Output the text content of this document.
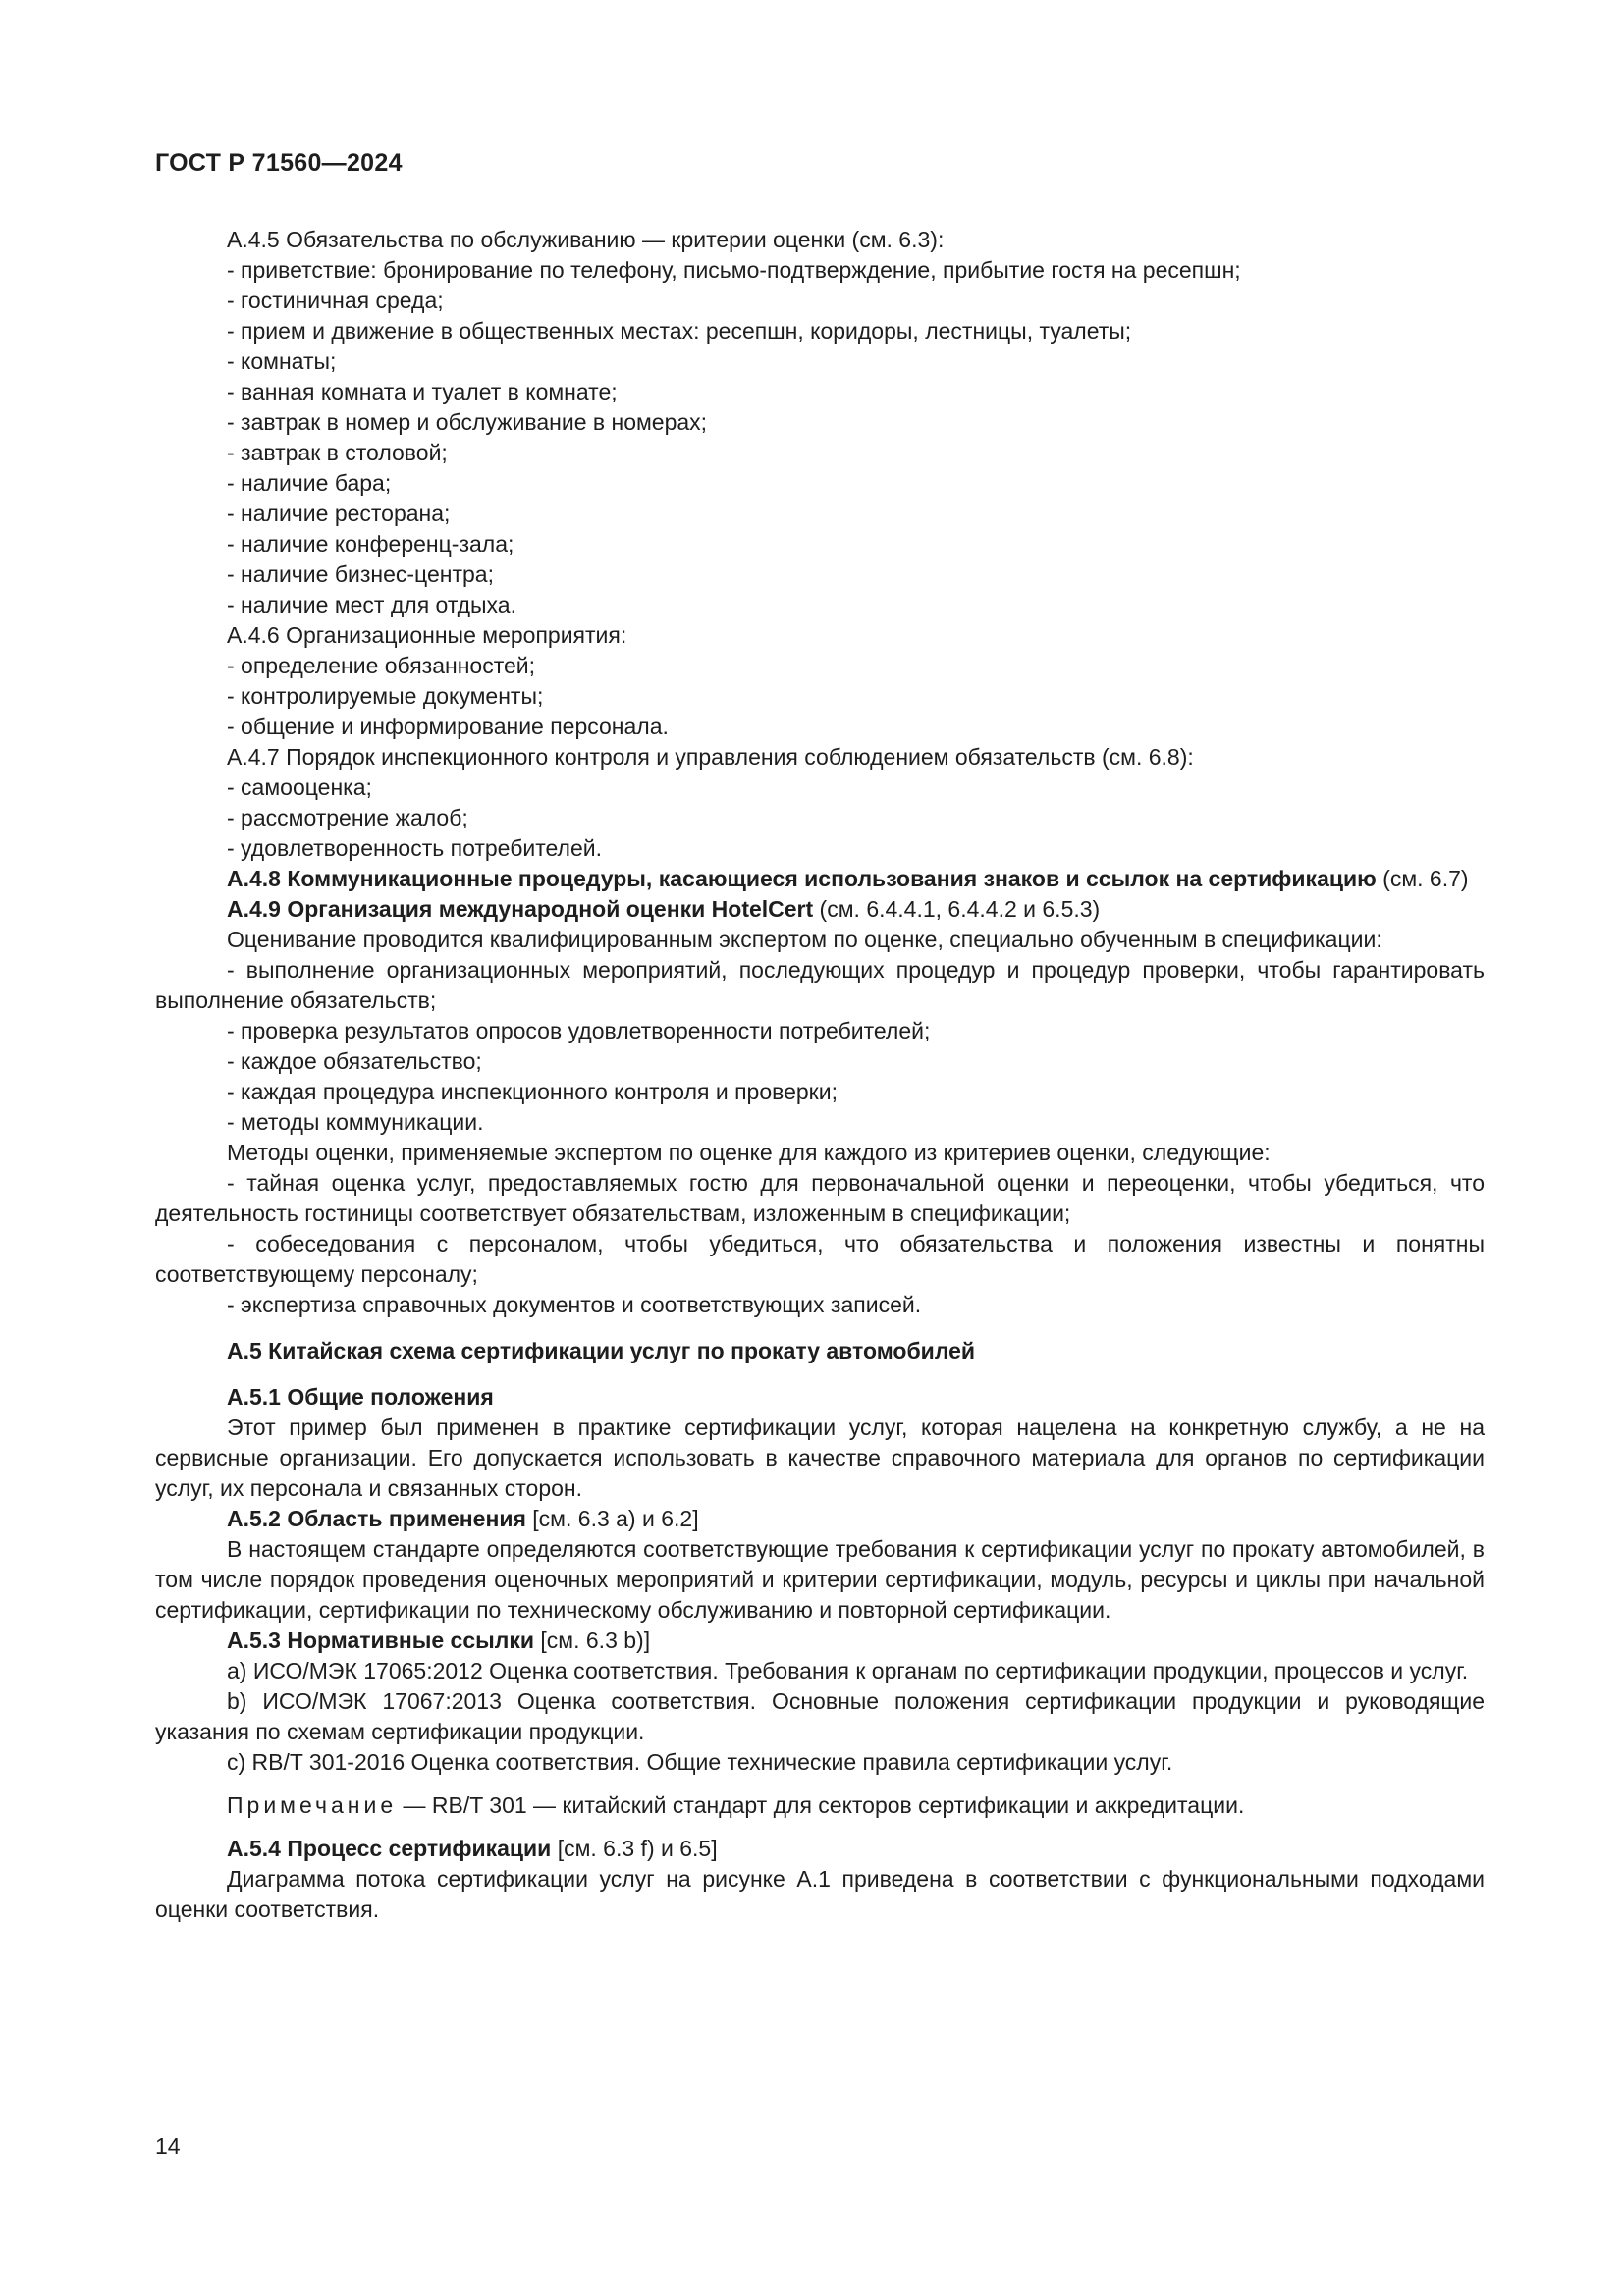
ГОСТ Р 71560—2024

А.4.5 Обязательства по обслуживанию — критерии оценки (см. 6.3):

- приветствие: бронирование по телефону, письмо-подтверждение, прибытие гостя на ресепшн;

- гостиничная среда;

- прием и движение в общественных местах: ресепшн, коридоры, лестницы, туалеты;

- комнаты;

- ванная комната и туалет в комнате;

- завтрак в номер и обслуживание в номерах;

- завтрак в столовой;

- наличие бара;

- наличие ресторана;

- наличие конференц-зала;

- наличие бизнес-центра;

- наличие мест для отдыха.

А.4.6 Организационные мероприятия:

- определение обязанностей;

- контролируемые документы;

- общение и информирование персонала.

А.4.7 Порядок инспекционного контроля и управления соблюдением обязательств (см. 6.8):

- самооценка;

- рассмотрение жалоб;

- удовлетворенность потребителей.

А.4.8 Коммуникационные процедуры, касающиеся использования знаков и ссылок на сертификацию (см. 6.7)

А.4.9 Организация международной оценки HotelCert (см. 6.4.4.1, 6.4.4.2 и 6.5.3)

Оценивание проводится квалифицированным экспертом по оценке, специально обученным в спецификации:

- выполнение организационных мероприятий, последующих процедур и процедур проверки, чтобы гарантировать выполнение обязательств;

- проверка результатов опросов удовлетворенности потребителей;

- каждое обязательство;

- каждая процедура инспекционного контроля и проверки;

- методы коммуникации.

Методы оценки, применяемые экспертом по оценке для каждого из критериев оценки, следующие:

- тайная оценка услуг, предоставляемых гостю для первоначальной оценки и переоценки, чтобы убедиться, что деятельность гостиницы соответствует обязательствам, изложенным в спецификации;

- собеседования с персоналом, чтобы убедиться, что обязательства и положения известны и понятны соответствующему персоналу;

- экспертиза справочных документов и соответствующих записей.

А.5 Китайская схема сертификации услуг по прокату автомобилей

А.5.1 Общие положения

Этот пример был применен в практике сертификации услуг, которая нацелена на конкретную службу, а не на сервисные организации. Его допускается использовать в качестве справочного материала для органов по сертификации услуг, их персонала и связанных сторон.

А.5.2 Область применения [см. 6.3 а) и 6.2]

В настоящем стандарте определяются соответствующие требования к сертификации услуг по прокату автомобилей, в том числе порядок проведения оценочных мероприятий и критерии сертификации, модуль, ресурсы и циклы при начальной сертификации, сертификации по техническому обслуживанию и повторной сертификации.

А.5.3 Нормативные ссылки [см. 6.3 b)]

а) ИСО/МЭК 17065:2012 Оценка соответствия. Требования к органам по сертификации продукции, процессов и услуг.

b) ИСО/МЭК 17067:2013 Оценка соответствия. Основные положения сертификации продукции и руководящие указания по схемам сертификации продукции.

с) RB/T 301-2016 Оценка соответствия. Общие технические правила сертификации услуг.

Примечание — RB/T 301 — китайский стандарт для секторов сертификации и аккредитации.

А.5.4 Процесс сертификации [см. 6.3 f) и 6.5]

Диаграмма потока сертификации услуг на рисунке А.1 приведена в соответствии с функциональными подходами оценки соответствия.

14
